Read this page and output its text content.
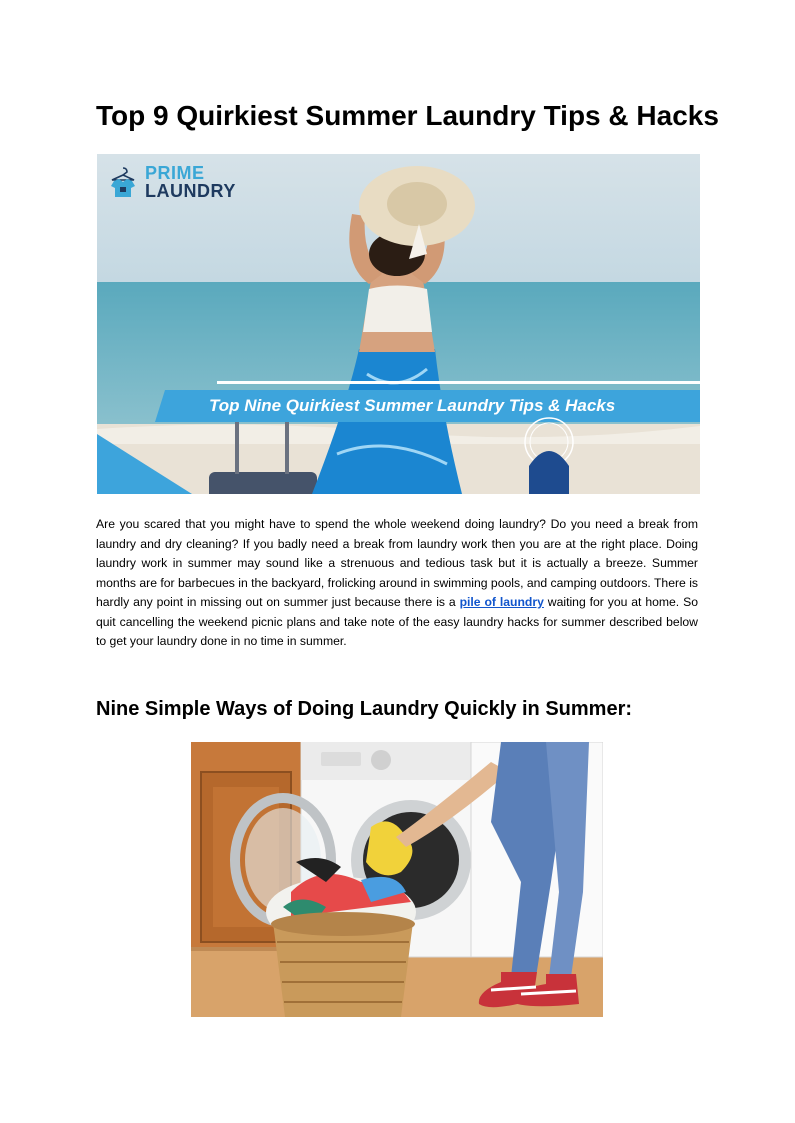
Top 9 Quirkiest Summer Laundry Tips & Hacks
PRIME
LAUNDRY
Top Nine Quirkiest Summer Laundry Tips & Hacks

Are you scared that you might have to spend the whole weekend doing laundry? Do you need a break from laundry and dry cleaning? If you badly need a break from laundry work then you are at the right place. Doing laundry work in summer may sound like a strenuous and tedious task but it is actually a breeze. Summer months are for barbecues in the backyard, frolicking around in swimming pools, and camping outdoors. There is hardly any point in missing out on summer just because there is a pile of laundry waiting for you at home. So quit cancelling the weekend picnic plans and take note of the easy laundry hacks for summer described below to get your laundry done in no time in summer.

Nine Simple Ways of Doing Laundry Quickly in Summer:
